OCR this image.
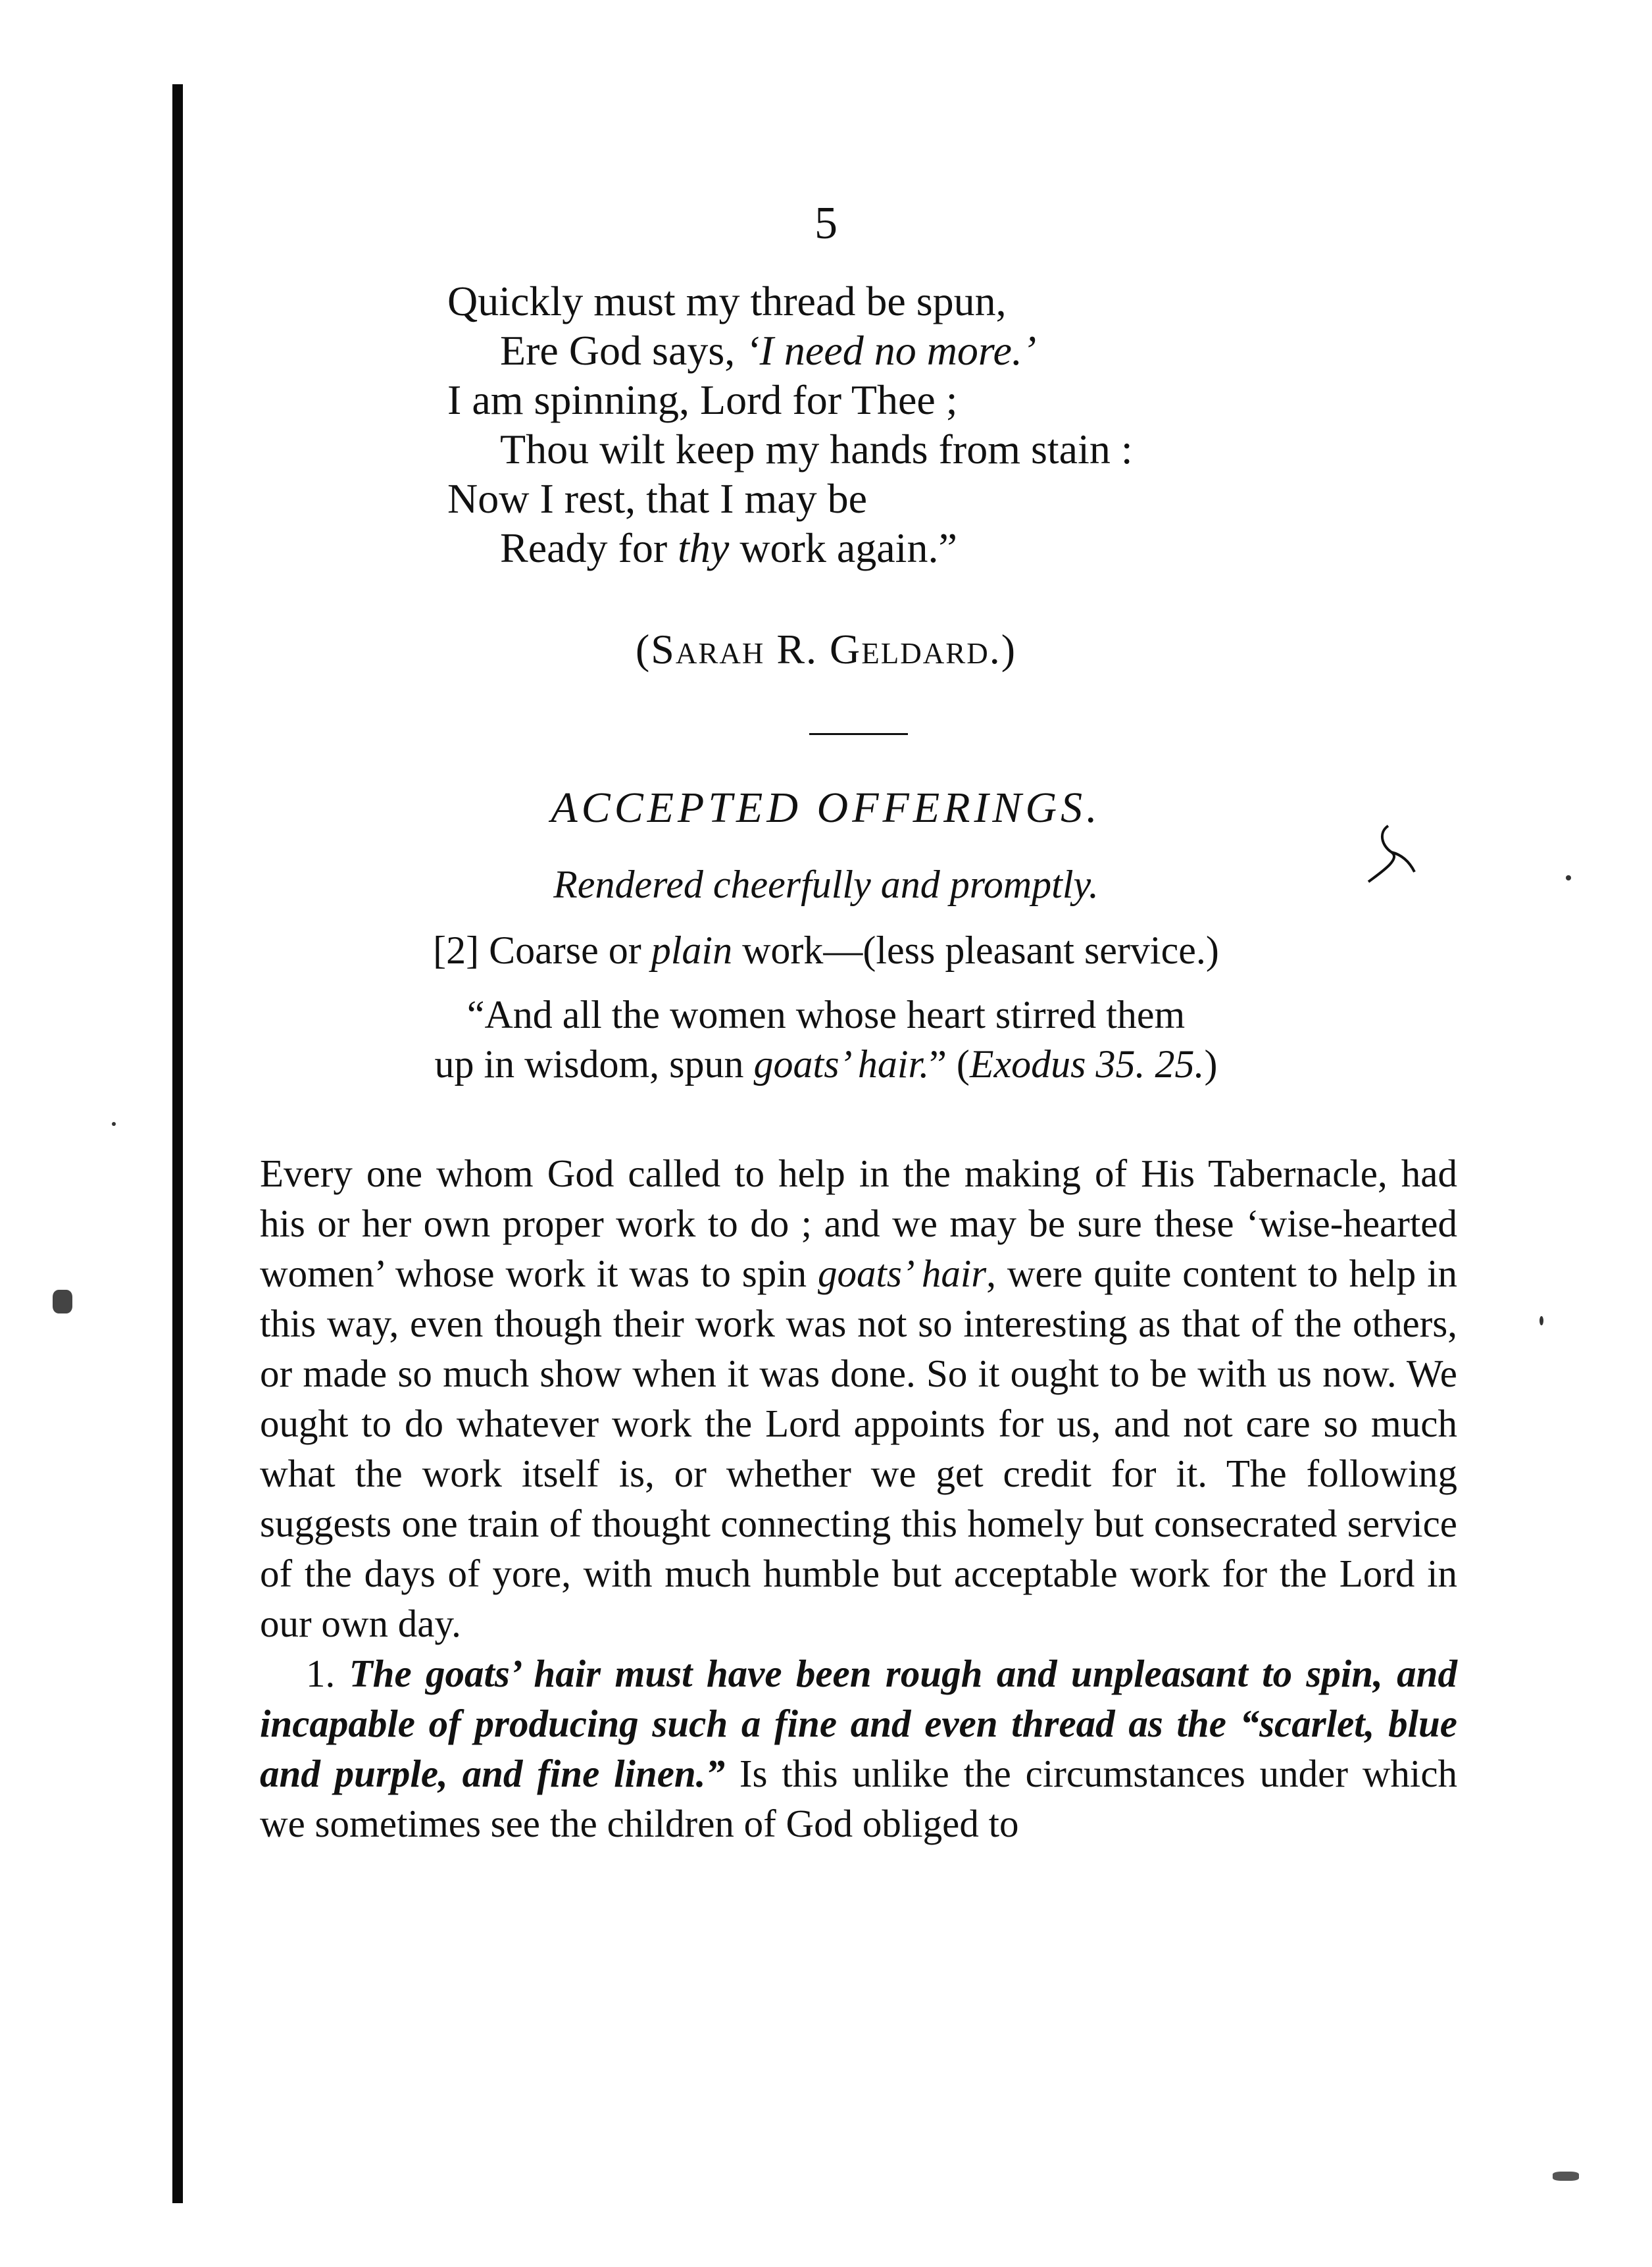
5
Quickly must my thread be spun,
Ere God says, ‘I need no more.’
I am spinning, Lord for Thee ;
Thou wilt keep my hands from stain :
Now I rest, that I may be
Ready for thy work again.”
(Sarah R. Geldard.)
ACCEPTED OFFERINGS.
Rendered cheerfully and promptly.
[2] Coarse or plain work—(less pleasant service.)
“And all the women whose heart stirred them
up in wisdom, spun goats’ hair.” (Exodus 35. 25.)

Every one whom God called to help in the making of His Tabernacle, had his or her own proper work to do ; and we may be sure these ‘wise-hearted women’ whose work it was to spin goats’ hair, were quite content to help in this way, even though their work was not so interesting as that of the others, or made so much show when it was done. So it ought to be with us now. We ought to do whatever work the Lord appoints for us, and not care so much what the work itself is, or whether we get credit for it. The following suggests one train of thought connecting this homely but consecrated service of the days of yore, with much humble but acceptable work for the Lord in our own day.

1. The goats’ hair must have been rough and unpleasant to spin, and incapable of producing such a fine and even thread as the “scarlet, blue and purple, and fine linen.” Is this unlike the circumstances under which we sometimes see the children of God obliged to
